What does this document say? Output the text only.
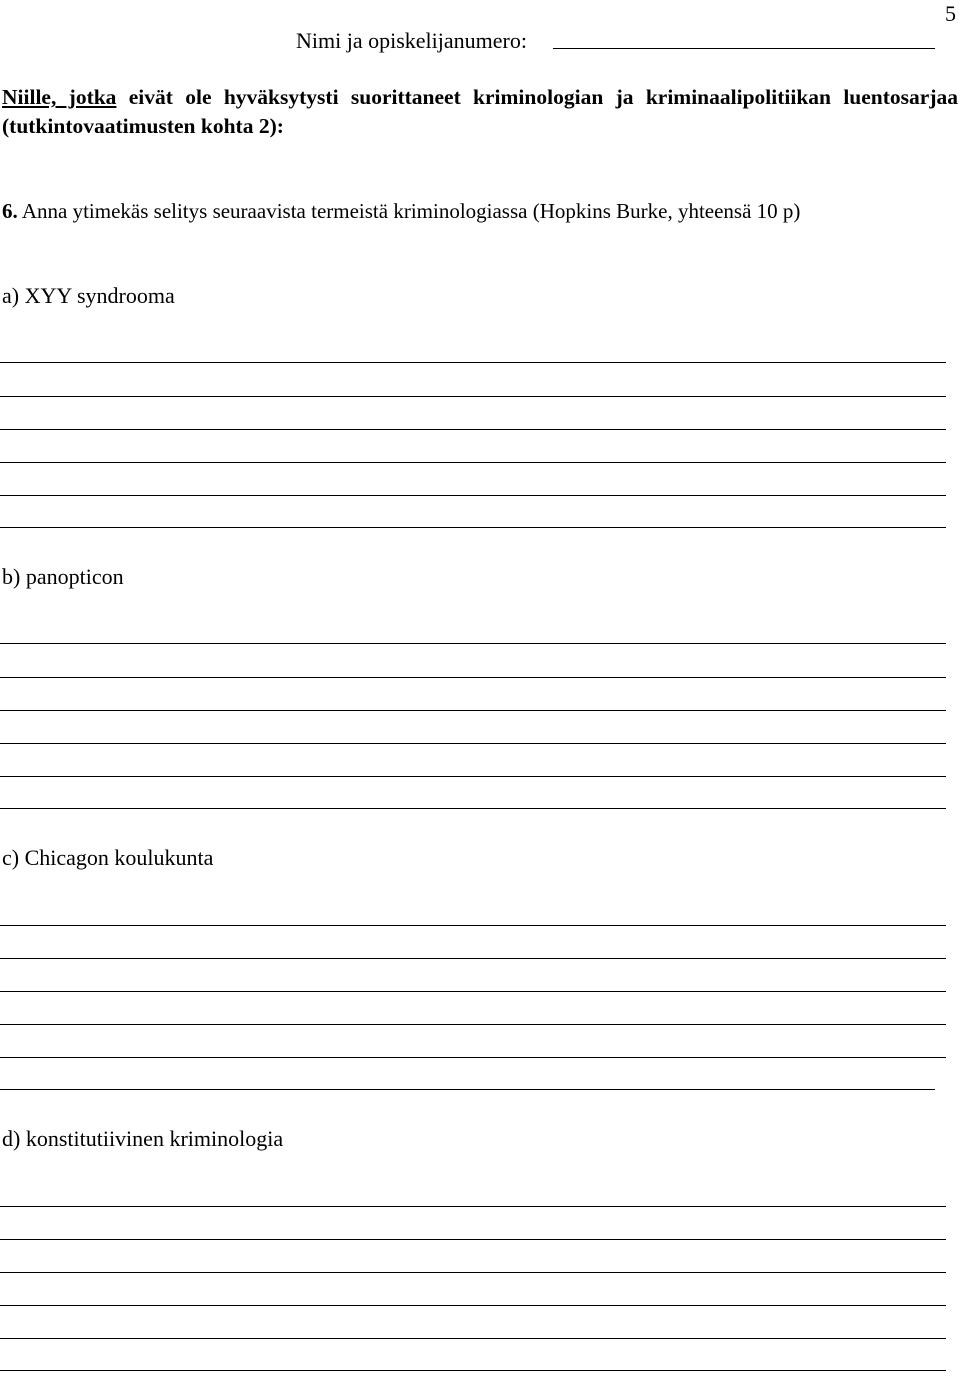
5
Nimi ja opiskelijanumero:
Niille, jotka eivät ole hyväksytysti suorittaneet kriminologian ja kriminaalipolitiikan luentosarjaa (tutkintovaatimusten kohta 2):
6. Anna ytimekäs selitys seuraavista termeistä kriminologiassa (Hopkins Burke, yhteensä 10 p)
a) XYY syndrooma
b) panopticon
c) Chicagon koulukunta
d) konstitutiivinen kriminologia
